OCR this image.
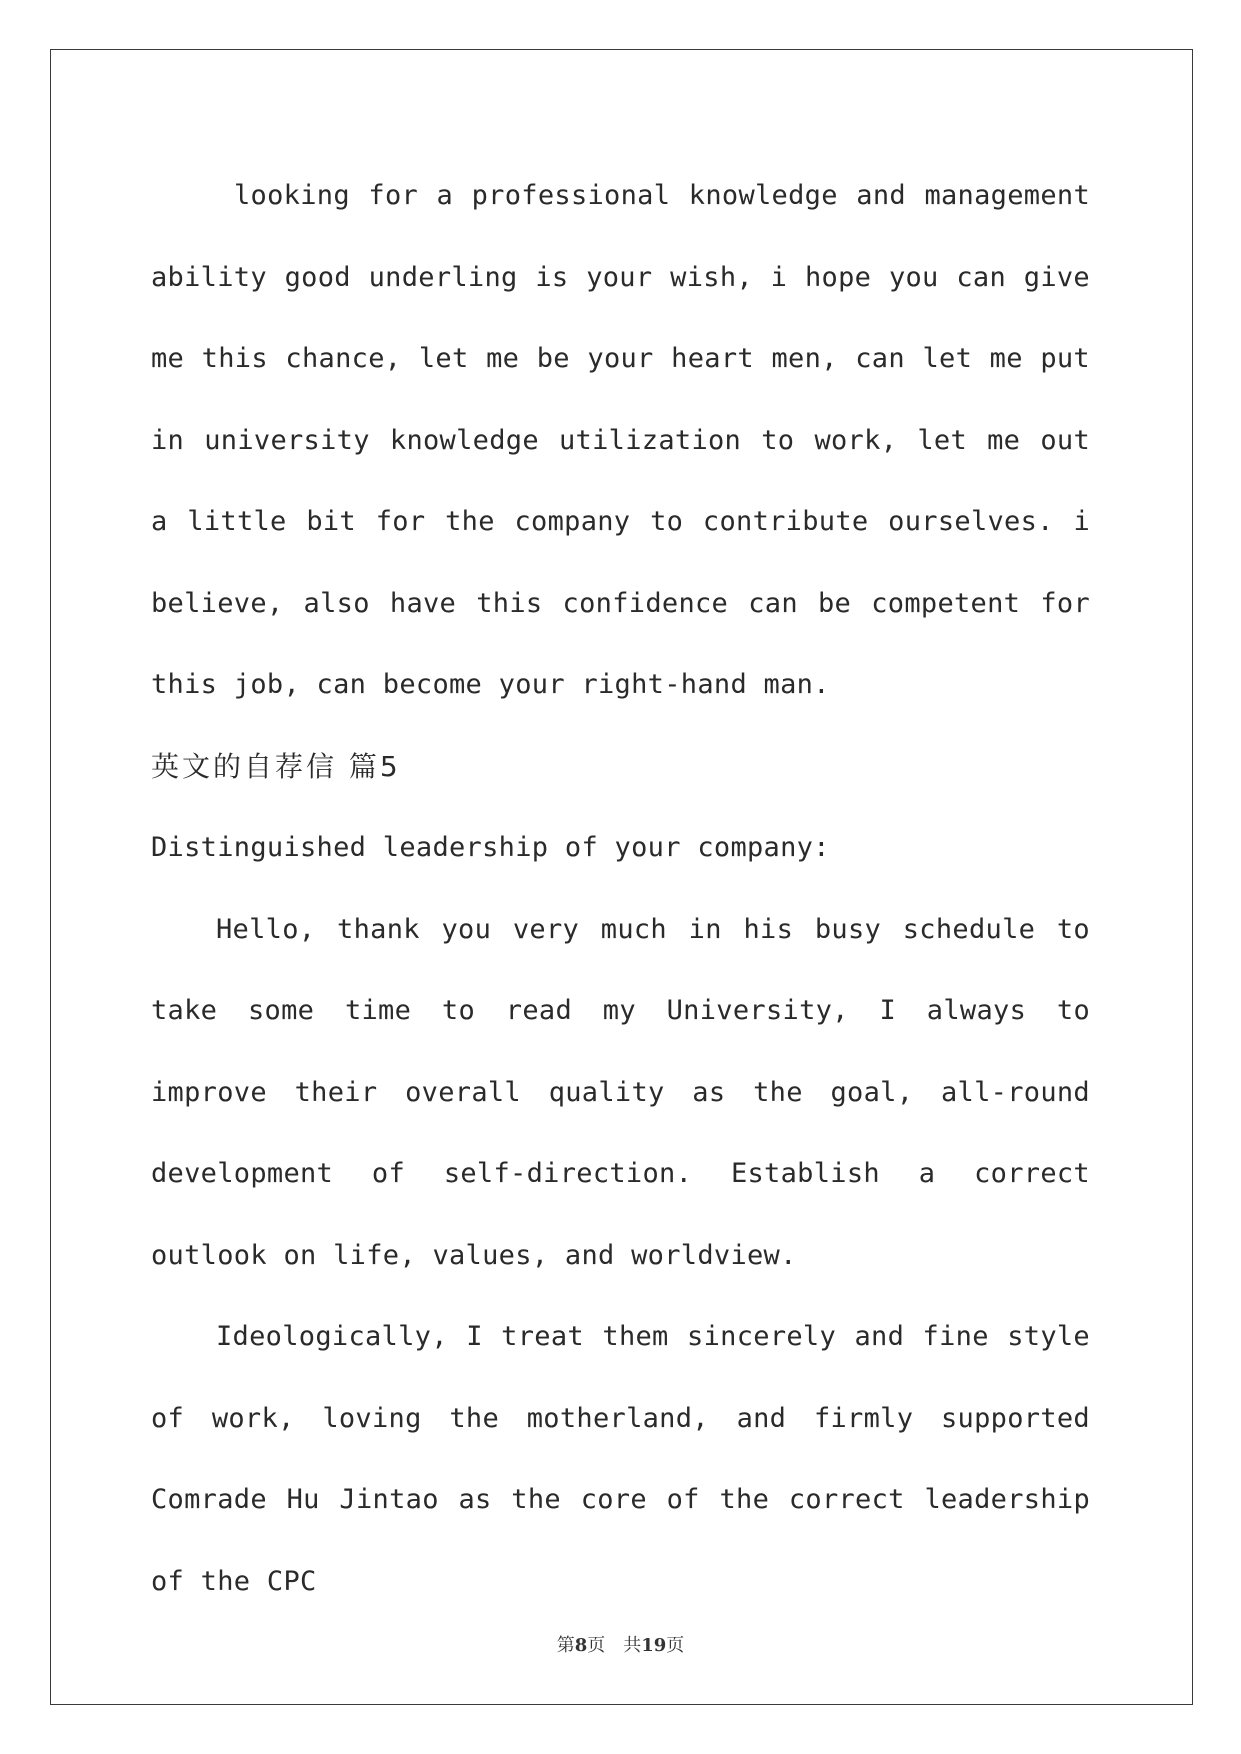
looking for a professional knowledge and management ability good underling is your wish, i hope you can give me this chance, let me be your heart men, can let me put in university knowledge utilization to work, let me out a little bit for the company to contribute ourselves. i believe, also have this confidence can be competent for this job, can become your right-hand man.

英文的自荐信 篇5

Distinguished leadership of your company:

Hello, thank you very much in his busy schedule to take some time to read my University, I always to improve their overall quality as the goal, all-round development of self-direction. Establish a correct outlook on life, values, and worldview.

Ideologically, I treat them sincerely and fine style of work, loving the motherland, and firmly supported Comrade Hu Jintao as the core of the correct leadership of the CPC

第8页 共19页
